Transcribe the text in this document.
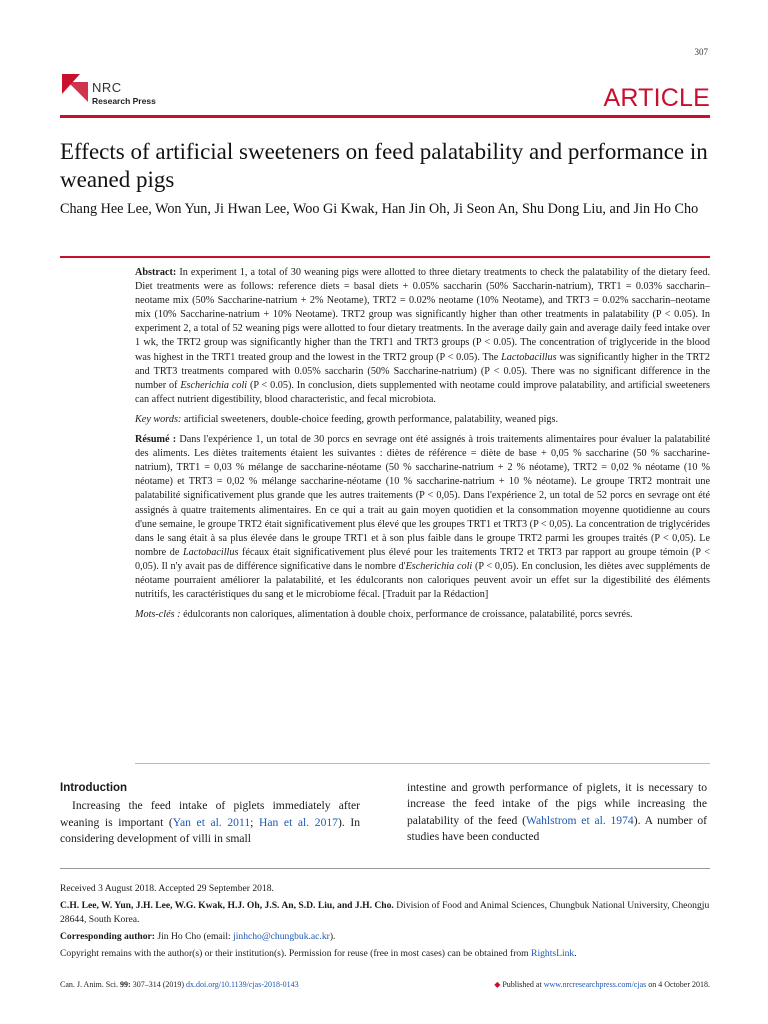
307
NRC
Research Press	ARTICLE
Effects of artificial sweeteners on feed palatability and performance in weaned pigs
Chang Hee Lee, Won Yun, Ji Hwan Lee, Woo Gi Kwak, Han Jin Oh, Ji Seon An, Shu Dong Liu, and Jin Ho Cho

Abstract: In experiment 1, a total of 30 weaning pigs were allotted to three dietary treatments to check the palatability of the dietary feed. Diet treatments were as follows: reference diets = basal diets + 0.05% saccharin (50% Saccharin-natrium), TRT1 = 0.03% saccharin–neotame mix (50% Saccharine-natrium + 2% Neotame), TRT2 = 0.02% neotame (10% Neotame), and TRT3 = 0.02% saccharin–neotame mix (10% Saccharine-natrium + 10% Neotame). TRT2 group was significantly higher than other treatments in palatability (P < 0.05). In experiment 2, a total of 52 weaning pigs were allotted to four dietary treatments. In the average daily gain and average daily feed intake over 1 wk, the TRT2 group was significantly higher than the TRT1 and TRT3 groups (P < 0.05). The concentration of triglyceride in the blood was highest in the TRT1 treated group and the lowest in the TRT2 group (P < 0.05). The Lactobacillus was significantly higher in the TRT2 and TRT3 treatments compared with 0.05% saccharin (50% Saccharine-natrium) (P < 0.05). There was no significant difference in the number of Escherichia coli (P < 0.05). In conclusion, diets supplemented with neotame could improve palatability, and artificial sweeteners can affect nutrient digestibility, blood characteristic, and fecal microbiota.

Key words: artificial sweeteners, double-choice feeding, growth performance, palatability, weaned pigs.

Résumé : Dans l'expérience 1, un total de 30 porcs en sevrage ont été assignés à trois traitements alimentaires pour évaluer la palatabilité des aliments. Les diètes traitements étaient les suivantes : diètes de référence = diète de base + 0,05 % saccharine (50 % saccharine-natrium), TRT1 = 0,03 % mélange de saccharine-néotame (50 % saccharine-natrium + 2 % néotame), TRT2 = 0,02 % néotame (10 % néotame) et TRT3 = 0,02 % mélange saccharine-néotame (10 % saccharine-natrium + 10 % néotame). Le groupe TRT2 montrait une palatabilité significativement plus grande que les autres traitements (P < 0,05). Dans l'expérience 2, un total de 52 porcs en sevrage ont été assignés à quatre traitements alimentaires. En ce qui a trait au gain moyen quotidien et la consommation moyenne quotidienne au cours d'une semaine, le groupe TRT2 était significativement plus élevé que les groupes TRT1 et TRT3 (P < 0,05). La concentration de triglycérides dans le sang était à sa plus élevée dans le groupe TRT1 et à son plus faible dans le groupe TRT2 parmi les groupes traités (P < 0,05). Le nombre de Lactobacillus fécaux était significativement plus élevé pour les traitements TRT2 et TRT3 par rapport au groupe témoin (P < 0,05). Il n'y avait pas de différence significative dans le nombre d'Escherichia coli (P < 0,05). En conclusion, les diètes avec suppléments de néotame pourraient améliorer la palatabilité, et les édulcorants non caloriques peuvent avoir un effet sur la digestibilité des éléments nutritifs, les caractéristiques du sang et le microbiome fécal. [Traduit par la Rédaction]

Mots-clés : édulcorants non caloriques, alimentation à double choix, performance de croissance, palatabilité, porcs sevrés.

Introduction
Increasing the feed intake of piglets immediately after weaning is important (Yan et al. 2011; Han et al. 2017). In considering development of villi in small
intestine and growth performance of piglets, it is necessary to increase the feed intake of the pigs while increasing the palatability of the feed (Wahlstrom et al. 1974). A number of studies have been conducted

Received 3 August 2018. Accepted 29 September 2018.

C.H. Lee, W. Yun, J.H. Lee, W.G. Kwak, H.J. Oh, J.S. An, S.D. Liu, and J.H. Cho. Division of Food and Animal Sciences, Chungbuk National University, Cheongju 28644, South Korea.

Corresponding author: Jin Ho Cho (email: jinhcho@chungbuk.ac.kr).

Copyright remains with the author(s) or their institution(s). Permission for reuse (free in most cases) can be obtained from RightsLink.

Can. J. Anim. Sci. 99: 307–314 (2019) dx.doi.org/10.1139/cjas-2018-0143	◆ Published at www.nrcresearchpress.com/cjas on 4 October 2018.
